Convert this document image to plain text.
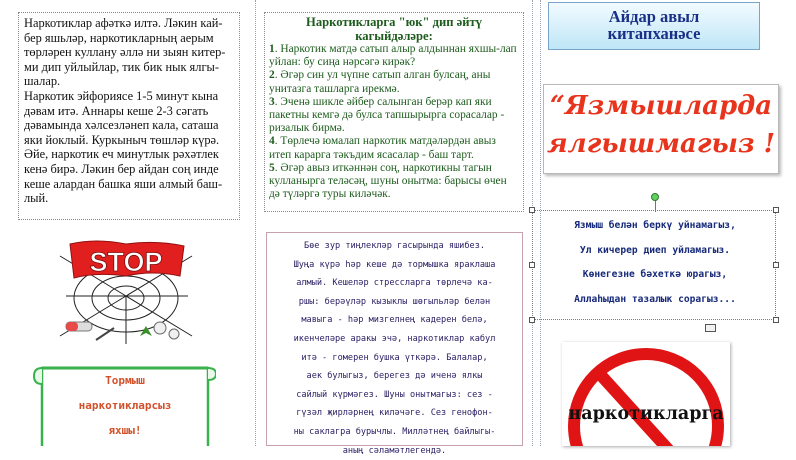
Наркотиклар афәткә илтә. Ләкин кай-бер яшьләр, наркотикларның аерым төрләрен куллану әллә ни зыян китер-ми дип уйлыйлар, тик бик нык ялгы-шалар.

Наркотик эйфориясе 1-5 минут кына дәвам итә. Аннары кеше 2-3 сәгать дәвамында хәлсезләнеп кала, саташа яки йоклый. Куркыныч төшләр күрә. Әйе, наркотик еч минутлык рәхәтлек кенә бирә. Ләкин бер айдан соң инде кеше алардан башка яши алмый баш-лый.

STOP
Тормыш
наркотикларсыз
яхшы!
Наркотикларга "юк" дип әйтү
кагыйдәләре:

1. Наркотик матдә сатып алыр алдыннан яхшы-лап уйлан: бу сиңа нәрсәгә кирәк?

2. Әгәр син ул чүпне сатып алган булсаң, аны унитазга ташларга ирекмә.

3. Эченә шикле әйбер салынган берәр кап яки пакетны кемгә дә булса тапшырырга сорасалар - ризалык бирмә.

4. Төрлечә юмалап наркотик матдәләрдән авыз итеп карарга тәкъдим ясасалар - баш тарт.

5. Әгәр авыз иткәннән соң, наркотикны тагын кулланырга теләсәң, шуны онытма: барысы өчен дә түләргә туры киләчәк.

Бөе зур тиңлекләр гасырында яшибез.

Шуңа күрә һәр кеше дә тормышка яраклаша

алмый. Кешеләр стрессларга төрлечә ка-

ршы: берәүләр кызыклы шөгыльләр белән

мавыга - һәр мизгелнең кадерен белә,

икенчеләре аракы эчә, наркотиклар кабул

итә - гомерен бушка үткәрә. Балалар,

аек булыгыз, берегез дә иченә ялкы

сайлый күрмәгез. Шуны онытмагыз: сез -

гүзәл җирләрнең киләчәге. Сез генофон-

ны саклагра бурычлы. Милләтнең байлыгы-

аның сәламәтлегендә.

Айдар авыл
китапханәсе
“Язмышларда
ялгышмагыз !

Язмыш белән беркү уйнамагыз,

Ул кичерер диеп уйламагыз.

Көнегезне бәхеткә юрагыз,

Аллаһыдан тазалык сорагыз...

наркотикларга
